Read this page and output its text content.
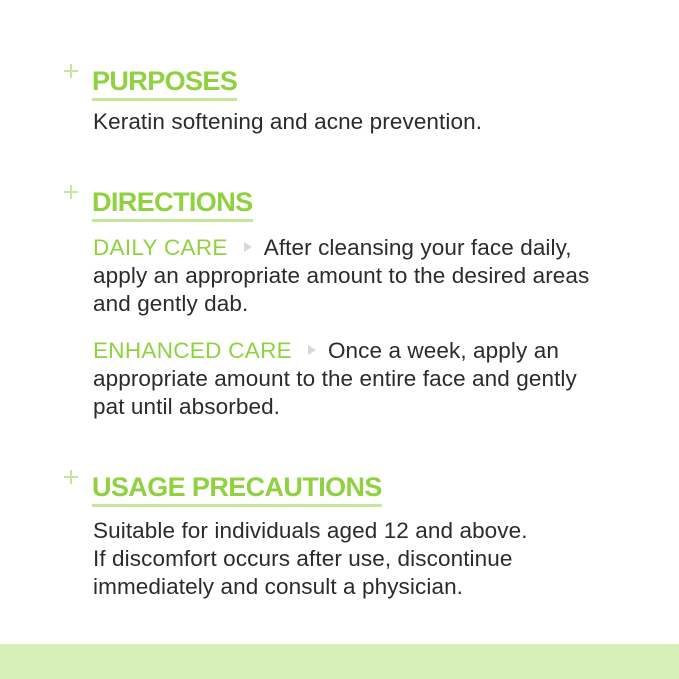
PURPOSES

Keratin softening and acne prevention.

DIRECTIONS

DAILY CARE After cleansing your face daily, apply an appropriate amount to the desired areas and gently dab.

ENHANCED CARE Once a week, apply an appropriate amount to the entire face and gently pat until absorbed.

USAGE PRECAUTIONS

Suitable for individuals aged 12 and above.

If discomfort occurs after use, discontinue immediately and consult a physician.
